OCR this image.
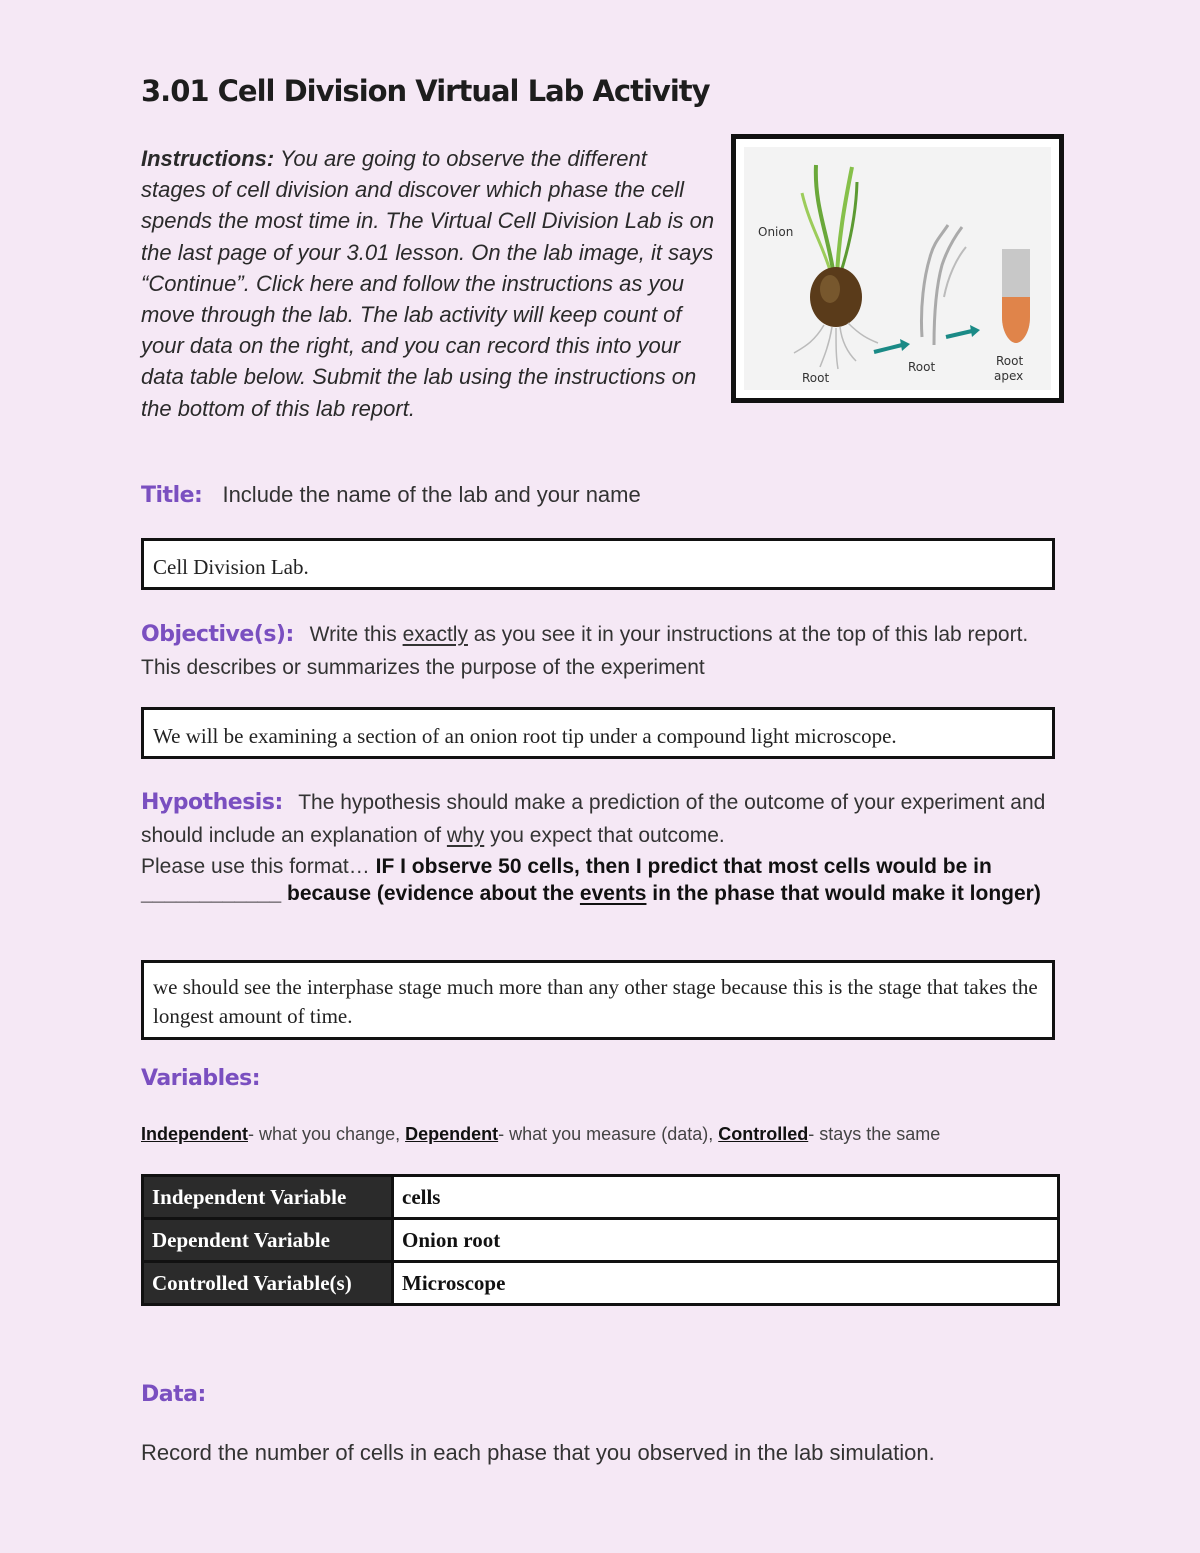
3.01 Cell Division Virtual Lab Activity
Instructions: You are going to observe the different stages of cell division and discover which phase the cell spends the most time in. The Virtual Cell Division Lab is on the last page of your 3.01 lesson. On the lab image, it says “Continue”. Click here and follow the instructions as you move through the lab. The lab activity will keep count of your data on the right, and you can record this into your data table below. Submit the lab using the instructions on the bottom of this lab report.
Onion
Root
Root	Root
apex
Title: Include the name of the lab and your name
Cell Division Lab.
Objective(s): Write this exactly as you see it in your instructions at the top of this lab report. This describes or summarizes the purpose of the experiment
We will be examining a section of an onion root tip under a compound light microscope.
Hypothesis: The hypothesis should make a prediction of the outcome of your experiment and should include an explanation of why you expect that outcome.
Please use this format… IF I observe 50 cells, then I predict that most cells would be in ____________ because (evidence about the events in the phase that would make it longer)
we should see the interphase stage much more than any other stage because this is the stage that takes the longest amount of time.
Variables:
Independent- what you change, Dependent- what you measure (data), Controlled- stays the same
Independent Variable	cells
Dependent Variable	Onion root
Controlled Variable(s)	Microscope
Data:
Record the number of cells in each phase that you observed in the lab simulation.
